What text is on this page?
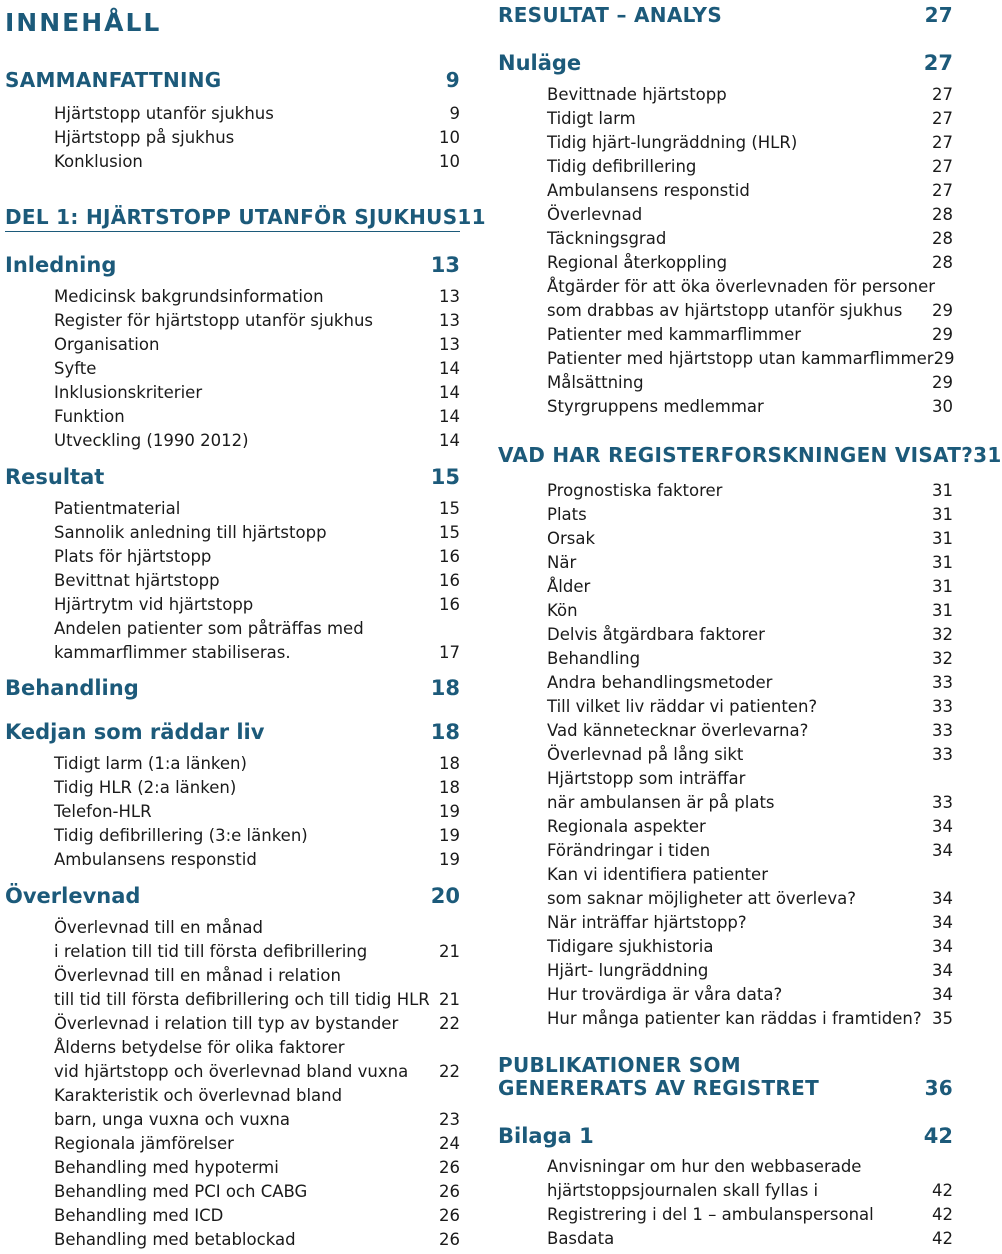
INNEHÅLL
SAMMANFATTNING	9
Hjärtstopp utanför sjukhus	9
Hjärtstopp på sjukhus	10
Konklusion	10
DEL 1: HJÄRTSTOPP UTANFÖR SJUKHUS 11
Inledning	13
Medicinsk bakgrundsinformation	13
Register för hjärtstopp utanför sjukhus	13
Organisation	13
Syfte	14
Inklusionskriterier	14
Funktion	14
Utveckling (1990 2012)	14
Resultat	15
Patientmaterial	15
Sannolik anledning till hjärtstopp	15
Plats för hjärtstopp	16
Bevittnat hjärtstopp	16
Hjärtrytm vid hjärtstopp	16
Andelen patienter som påträffas med
kammarflimmer stabiliseras.	17
Behandling	18
Kedjan som räddar liv	18
Tidigt larm (1:a länken)	18
Tidig HLR (2:a länken)	18
Telefon-HLR	19
Tidig defibrillering (3:e länken)	19
Ambulansens responstid	19
Överlevnad	20
Överlevnad till en månad
i relation till tid till första defibrillering	21
Överlevnad till en månad i relation
till tid till första defibrillering och till tidig HLR 21
Överlevnad i relation till typ av bystander 22
Ålderns betydelse för olika faktorer
vid hjärtstopp och överlevnad bland vuxna 22
Karakteristik och överlevnad bland
barn, unga vuxna och vuxna	23
Regionala jämförelser	24
Behandling med hypotermi	26
Behandling med PCI och CABG	26
Behandling med ICD	26
Behandling med betablockad	26
RESULTAT – ANALYS	27
Nuläge	27
Bevittnade hjärtstopp	27
Tidigt larm	27
Tidig hjärt-lungräddning (HLR)	27
Tidig defibrillering	27
Ambulansens responstid	27
Överlevnad	28
Täckningsgrad	28
Regional återkoppling	28
Åtgärder för att öka överlevnaden för personer
som drabbas av hjärtstopp utanför sjukhus 29
Patienter med kammarflimmer	29
Patienter med hjärtstopp utan kammarflimmer 29
Målsättning	29
Styrgruppens medlemmar	30
VAD HAR REGISTERFORSKNINGEN VISAT? 31
Prognostiska faktorer	31
Plats	31
Orsak	31
När	31
Ålder	31
Kön	31
Delvis åtgärdbara faktorer	32
Behandling	32
Andra behandlingsmetoder	33
Till vilket liv räddar vi patienten?	33
Vad kännetecknar överlevarna?	33
Överlevnad på lång sikt	33
Hjärtstopp som inträffar
när ambulansen är på plats	33
Regionala aspekter	34
Förändringar i tiden	34
Kan vi identifiera patienter
som saknar möjligheter att överleva?	34
När inträffar hjärtstopp?	34
Tidigare sjukhistoria	34
Hjärt- lungräddning	34
Hur trovärdiga är våra data?	34
Hur många patienter kan räddas i framtiden? 35
PUBLIKATIONER SOM
GENERERATS AV REGISTRET	36
Bilaga 1	42
Anvisningar om hur den webbaserade
hjärtstoppsjournalen skall fyllas i	42
Registrering i del 1 – ambulanspersonal	42
Basdata	42
